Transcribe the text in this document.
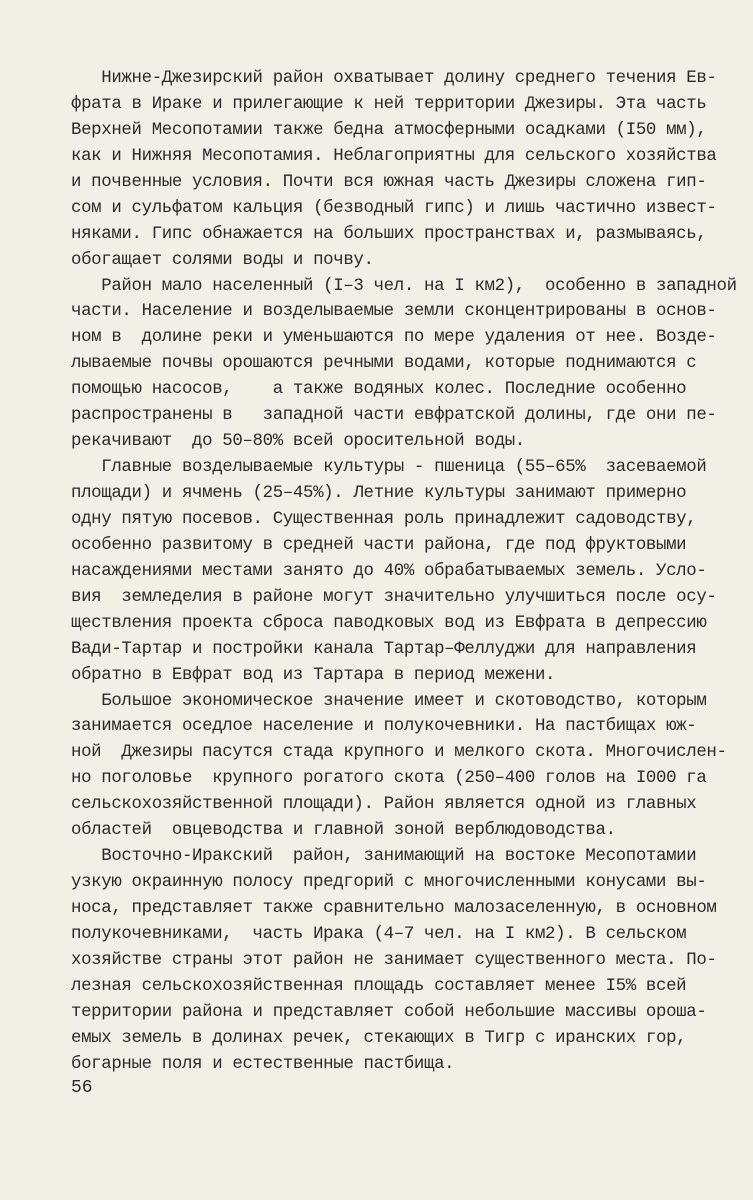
Нижне-Джезирский район охватывает долину среднего течения Ев-
фрата в Ираке и прилегающие к ней территории Джезиры. Эта часть
Верхней Месопотамии также бедна атмосферными осадками (I50 мм),
как и Нижняя Месопотамия. Неблагоприятны для сельского хозяйства
и почвенные условия. Почти вся южная часть Джезиры сложена гип-
сом и сульфатом кальция (безводный гипс) и лишь частично извест-
няками. Гипс обнажается на больших пространствах и, размываясь,
обогащает солями воды и почву.
Район мало населенный (I–3 чел. на I км2),  особенно в западной
части. Население и возделываемые земли сконцентрированы в основ-
ном в  долине реки и уменьшаются по мере удаления от нее. Возде-
лываемые почвы орошаются речными водами, которые поднимаются с
помощью насосов,    а также водяных колес. Последние особенно
распространены в   западной части евфратской долины, где они пе-
рекачивают  до 50–80% всей оросительной воды.
Главные возделываемые культуры - пшеница (55–65%  засеваемой
площади) и ячмень (25–45%). Летние культуры занимают примерно
одну пятую посевов. Существенная роль принадлежит садоводству,
особенно развитому в средней части района, где под фруктовыми
насаждениями местами занято до 40% обрабатываемых земель. Усло-
вия  земледелия в районе могут значительно улучшиться после осу-
ществления проекта сброса паводковых вод из Евфрата в депрессию
Вади-Тартар и постройки канала Тартар–Феллуджи для направления
обратно в Евфрат вод из Тартара в период межени.
Большое экономическое значение имеет и скотоводство, которым
занимается оседлое население и полукочевники. На пастбищах юж-
ной  Джезиры пасутся стада крупного и мелкого скота. Многочислен-
но поголовье  крупного рогатого скота (250–400 голов на I000 га
сельскохозяйственной площади). Район является одной из главных
областей  овцеводства и главной зоной верблюдоводства.
Восточно-Иракский  район, занимающий на востоке Месопотамии
узкую окраинную полосу предгорий с многочисленными конусами вы-
носа, представляет также сравнительно малозаселенную, в основном
полукочевниками,  часть Ирака (4–7 чел. на I км2). В сельском
хозяйстве страны этот район не занимает существенного места. По-
лезная сельскохозяйственная площадь составляет менее I5% всей
территории района и представляет собой небольшие массивы ороша-
емых земель в долинах речек, стекающих в Тигр с иранских гор,
богарные поля и естественные пастбища.
56
